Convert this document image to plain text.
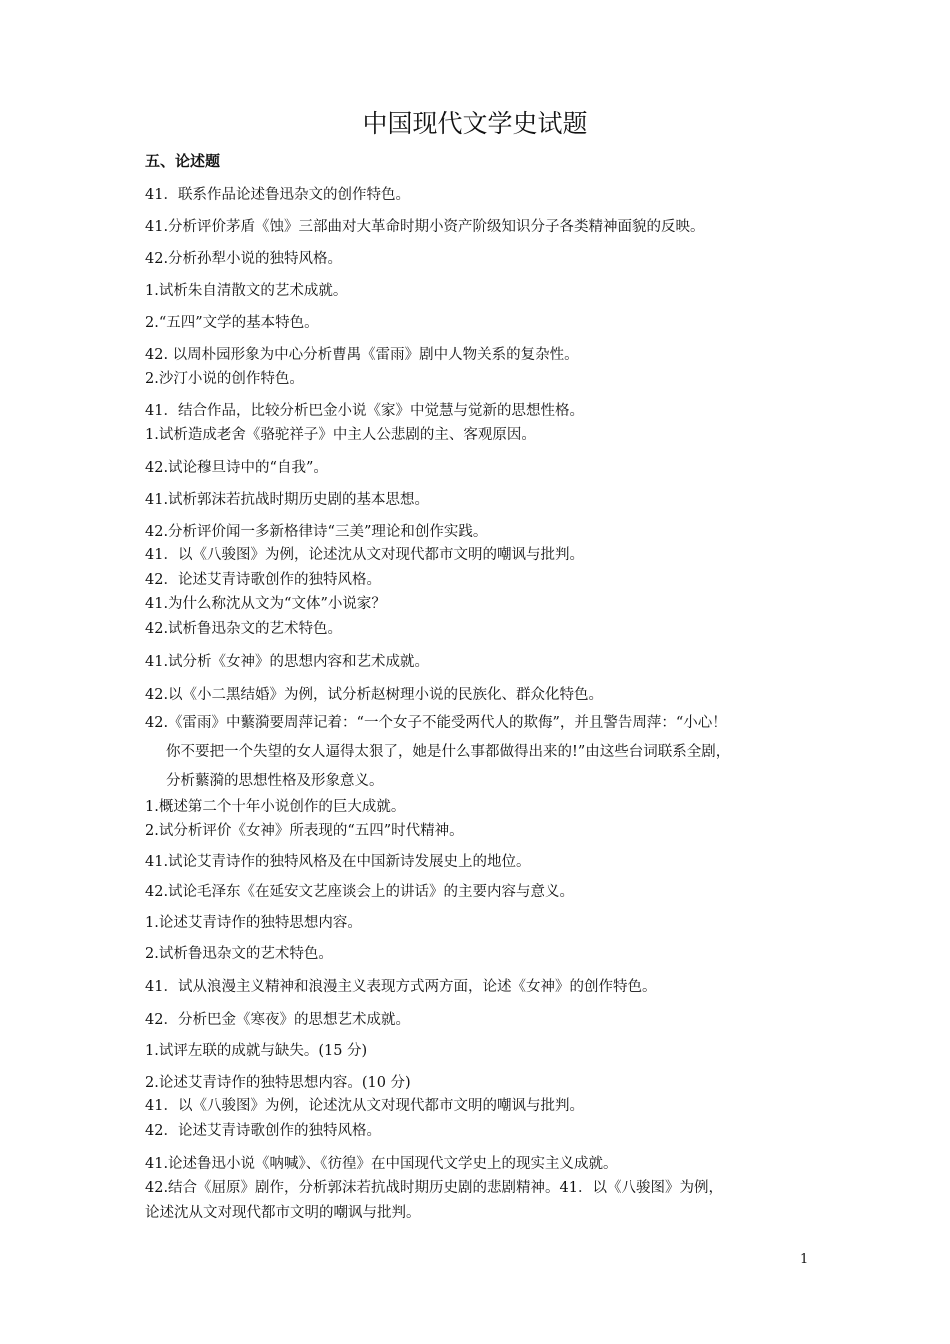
中国现代文学史试题
五、论述题
41．联系作品论述鲁迅杂文的创作特色。
41.分析评价茅盾《蚀》三部曲对大革命时期小资产阶级知识分子各类精神面貌的反映。
42.分析孙犁小说的独特风格。
1.试析朱自清散文的艺术成就。
2.“五四”文学的基本特色。
42. 以周朴园形象为中心分析曹禺《雷雨》剧中人物关系的复杂性。
2.沙汀小说的创作特色。
41．结合作品，比较分析巴金小说《家》中觉慧与觉新的思想性格。
1.试析造成老舍《骆驼祥子》中主人公悲剧的主、客观原因。
42.试论穆旦诗中的“自我”。
41.试析郭沫若抗战时期历史剧的基本思想。
42.分析评价闻一多新格律诗“三美”理论和创作实践。
41．以《八骏图》为例，论述沈从文对现代都市文明的嘲讽与批判。
42．论述艾青诗歌创作的独特风格。
41.为什么称沈从文为“文体”小说家？
42.试析鲁迅杂文的艺术特色。
41.试分析《女神》的思想内容和艺术成就。
42.以《小二黑结婚》为例，试分析赵树理小说的民族化、群众化特色。
42.《雷雨》中蘩漪要周萍记着：“一个女子不能受两代人的欺侮”，并且警告周萍：“小心！
你不要把一个失望的女人逼得太狠了，她是什么事都做得出来的!”由这些台词联系全剧，
分析蘩漪的思想性格及形象意义。
1.概述第二个十年小说创作的巨大成就。
2.试分析评价《女神》所表现的“五四”时代精神。
41.试论艾青诗作的独特风格及在中国新诗发展史上的地位。
42.试论毛泽东《在延安文艺座谈会上的讲话》的主要内容与意义。
1.论述艾青诗作的独特思想内容。
2.试析鲁迅杂文的艺术特色。
41．试从浪漫主义精神和浪漫主义表现方式两方面，论述《女神》的创作特色。
42．分析巴金《寒夜》的思想艺术成就。
1.试评左联的成就与缺失。(15 分)
2.论述艾青诗作的独特思想内容。(10 分)
41．以《八骏图》为例，论述沈从文对现代都市文明的嘲讽与批判。
42．论述艾青诗歌创作的独特风格。
41.论述鲁迅小说《呐喊》、《彷徨》在中国现代文学史上的现实主义成就。
42.结合《屈原》剧作，分析郭沫若抗战时期历史剧的悲剧精神。41．以《八骏图》为例，
论述沈从文对现代都市文明的嘲讽与批判。
1
